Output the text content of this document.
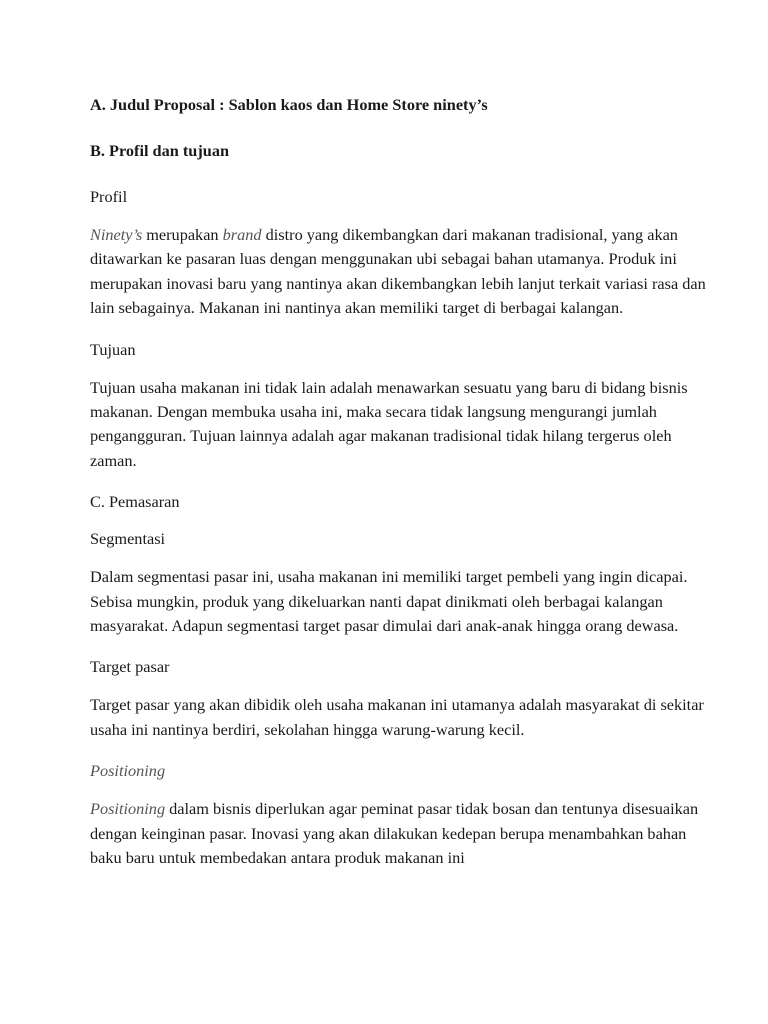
A. Judul Proposal : Sablon kaos dan Home Store ninety’s

B. Profil dan tujuan

Profil

Ninety’s merupakan brand distro yang dikembangkan dari makanan tradisional, yang akan ditawarkan ke pasaran luas dengan menggunakan ubi sebagai bahan utamanya. Produk ini merupakan inovasi baru yang nantinya akan dikembangkan lebih lanjut terkait variasi rasa dan lain sebagainya. Makanan ini nantinya akan memiliki target di berbagai kalangan.

Tujuan

Tujuan usaha makanan ini tidak lain adalah menawarkan sesuatu yang baru di bidang bisnis makanan. Dengan membuka usaha ini, maka secara tidak langsung mengurangi jumlah pengangguran. Tujuan lainnya adalah agar makanan tradisional tidak hilang tergerus oleh zaman.

C. Pemasaran

Segmentasi

Dalam segmentasi pasar ini, usaha makanan ini memiliki target pembeli yang ingin dicapai. Sebisa mungkin, produk yang dikeluarkan nanti dapat dinikmati oleh berbagai kalangan masyarakat. Adapun segmentasi target pasar dimulai dari anak-anak hingga orang dewasa.

Target pasar

Target pasar yang akan dibidik oleh usaha makanan ini utamanya adalah masyarakat di sekitar usaha ini nantinya berdiri, sekolahan hingga warung-warung kecil.

Positioning

Positioning dalam bisnis diperlukan agar peminat pasar tidak bosan dan tentunya disesuaikan dengan keinginan pasar. Inovasi yang akan dilakukan kedepan berupa menambahkan bahan baku baru untuk membedakan antara produk makanan ini
